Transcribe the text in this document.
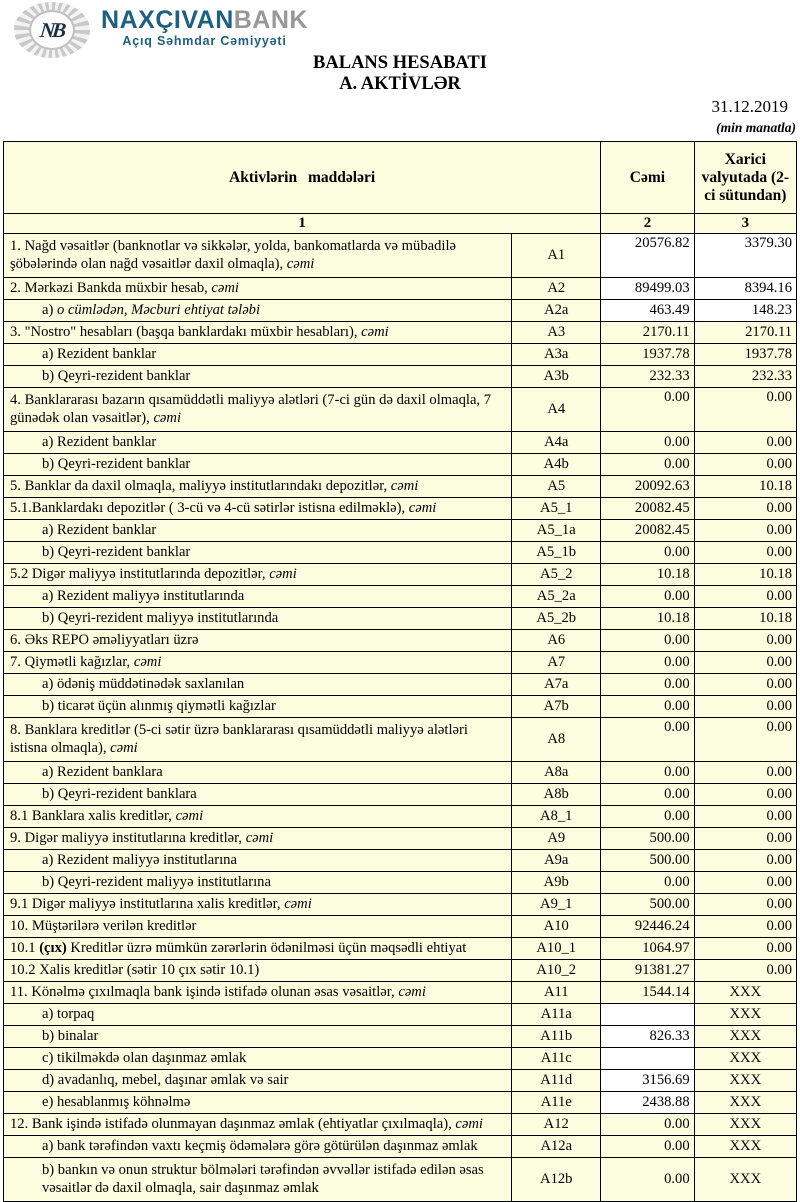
NB NAXÇIVANBANK
Açıq Səhmdar Cəmiyyəti
BALANS HESABATI
A. AKTİVLƏR
31.12.2019
(min manatla)
Aktivlərin maddələri		Cəmi	Xarici valyutada (2-ci sütundan)
1		2	3
1. Nağd vəsaitlər (banknotlar və sikkələr, yolda, bankomatlarda və mübadilə şöbələrində olan nağd vəsaitlər daxil olmaqla), cəmi	A1	20576.82	3379.30
2. Mərkəzi Bankda müxbir hesab, cəmi	A2	89499.03	8394.16
a) o cümlədən, Məcburi ehtiyat tələbi	A2a	463.49	148.23
3. "Nostro" hesabları (başqa banklardakı müxbir hesabları), cəmi	A3	2170.11	2170.11
a) Rezident banklar	A3a	1937.78	1937.78
b) Qeyri-rezident banklar	A3b	232.33	232.33
4. Banklararası bazarın qısamüddətli maliyyə alətləri (7-ci gün də daxil olmaqla, 7 günədək olan vəsaitlər), cəmi	A4	0.00	0.00
a) Rezident banklar	A4a	0.00	0.00
b) Qeyri-rezident banklar	A4b	0.00	0.00
5. Banklar da daxil olmaqla, maliyyə institutlarındakı depozitlər, cəmi	A5	20092.63	10.18
5.1.Banklardakı depozitlər ( 3-cü və 4-cü sətirlər istisna edilməklə), cəmi	A5_1	20082.45	0.00
a) Rezident banklar	A5_1a	20082.45	0.00
b) Qeyri-rezident banklar	A5_1b	0.00	0.00
5.2 Digər maliyyə institutlarında depozitlər, cəmi	A5_2	10.18	10.18
a) Rezident maliyyə institutlarında	A5_2a	0.00	0.00
b) Qeyri-rezident maliyyə institutlarında	A5_2b	10.18	10.18
6. Əks REPO əməliyyatları üzrə	A6	0.00	0.00
7. Qiymətli kağızlar, cəmi	A7	0.00	0.00
a) ödəniş müddətinədək saxlanılan	A7a	0.00	0.00
b) ticarət üçün alınmış qiymətli kağızlar	A7b	0.00	0.00
8. Banklara kreditlər (5-ci sətir üzrə banklararası qısamüddətli maliyyə alətləri istisna olmaqla), cəmi	A8	0.00	0.00
a) Rezident banklara	A8a	0.00	0.00
b) Qeyri-rezident banklara	A8b	0.00	0.00
8.1 Banklara xalis kreditlər, cəmi	A8_1	0.00	0.00
9. Digər maliyyə institutlarına kreditlər, cəmi	A9	500.00	0.00
a) Rezident maliyyə institutlarına	A9a	500.00	0.00
b) Qeyri-rezident maliyyə institutlarına	A9b	0.00	0.00
9.1 Digər maliyyə institutlarına xalis kreditlər, cəmi	A9_1	500.00	0.00
10. Müştərilərə verilən kreditlər	A10	92446.24	0.00
10.1 (çıx) Kreditlər üzrə mümkün zərərlərin ödənilməsi üçün məqsədli ehtiyat	A10_1	1064.97	0.00
10.2 Xalis kreditlər (sətir 10 çıx sətir 10.1)	A10_2	91381.27	0.00
11. Könəlmə çıxılmaqla bank işində istifadə olunan əsas vəsaitlər, cəmi	A11	1544.14	XXX
a) torpaq	A11a		XXX
b) binalar	A11b	826.33	XXX
c) tikilməkdə olan daşınmaz əmlak	A11c		XXX
d) avadanlıq, mebel, daşınar əmlak və sair	A11d	3156.69	XXX
e) hesablanmış köhnəlmə	A11e	2438.88	XXX
12. Bank işində istifadə olunmayan daşınmaz əmlak (ehtiyatlar çıxılmaqla), cəmi	A12	0.00	XXX
a) bank tərəfindən vaxtı keçmiş ödəmələrə görə götürülən daşınmaz əmlak	A12a	0.00	XXX
b) bankın və onun struktur bölmələri tərəfindən əvvəllər istifadə edilən əsas vəsaitlər də daxil olmaqla, sair daşınmaz əmlak	A12b	0.00	XXX
